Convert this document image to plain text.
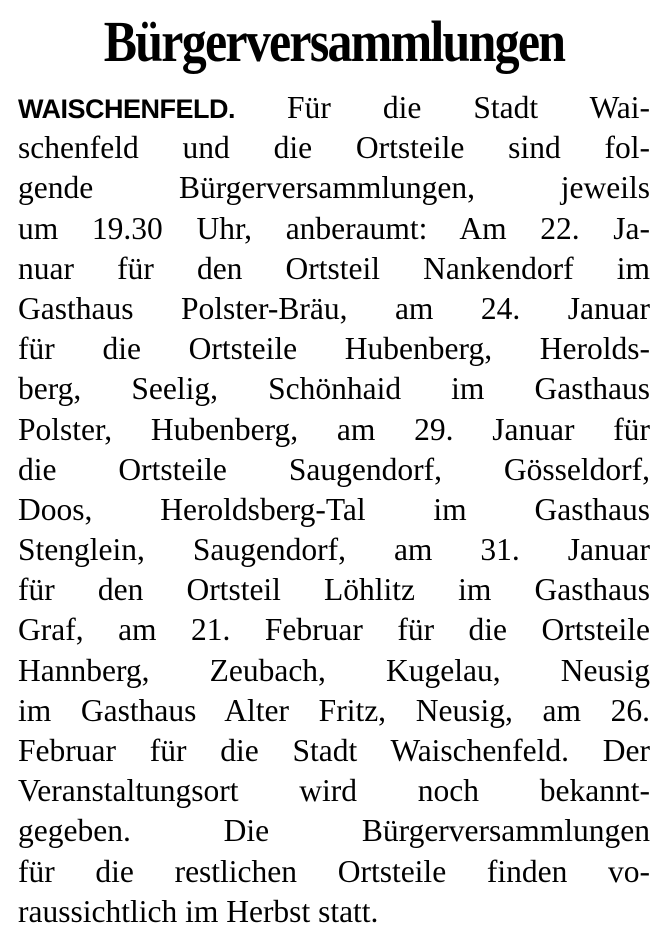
Bürgerversammlungen
WAISCHENFELD. Für die Stadt Wai-
schenfeld und die Ortsteile sind fol-
gende Bürgerversammlungen, jeweils
um 19.30 Uhr, anberaumt: Am 22. Ja-
nuar für den Ortsteil Nankendorf im
Gasthaus Polster-Bräu, am 24. Januar
für die Ortsteile Hubenberg, Herolds-
berg, Seelig, Schönhaid im Gasthaus
Polster, Hubenberg, am 29. Januar für
die Ortsteile Saugendorf, Gösseldorf,
Doos, Heroldsberg-Tal im Gasthaus
Stenglein, Saugendorf, am 31. Januar
für den Ortsteil Löhlitz im Gasthaus
Graf, am 21. Februar für die Ortsteile
Hannberg, Zeubach, Kugelau, Neusig
im Gasthaus Alter Fritz, Neusig, am 26.
Februar für die Stadt Waischenfeld. Der
Veranstaltungsort wird noch bekannt-
gegeben. Die Bürgerversammlungen
für die restlichen Ortsteile finden vo-
raussichtlich im Herbst statt.
